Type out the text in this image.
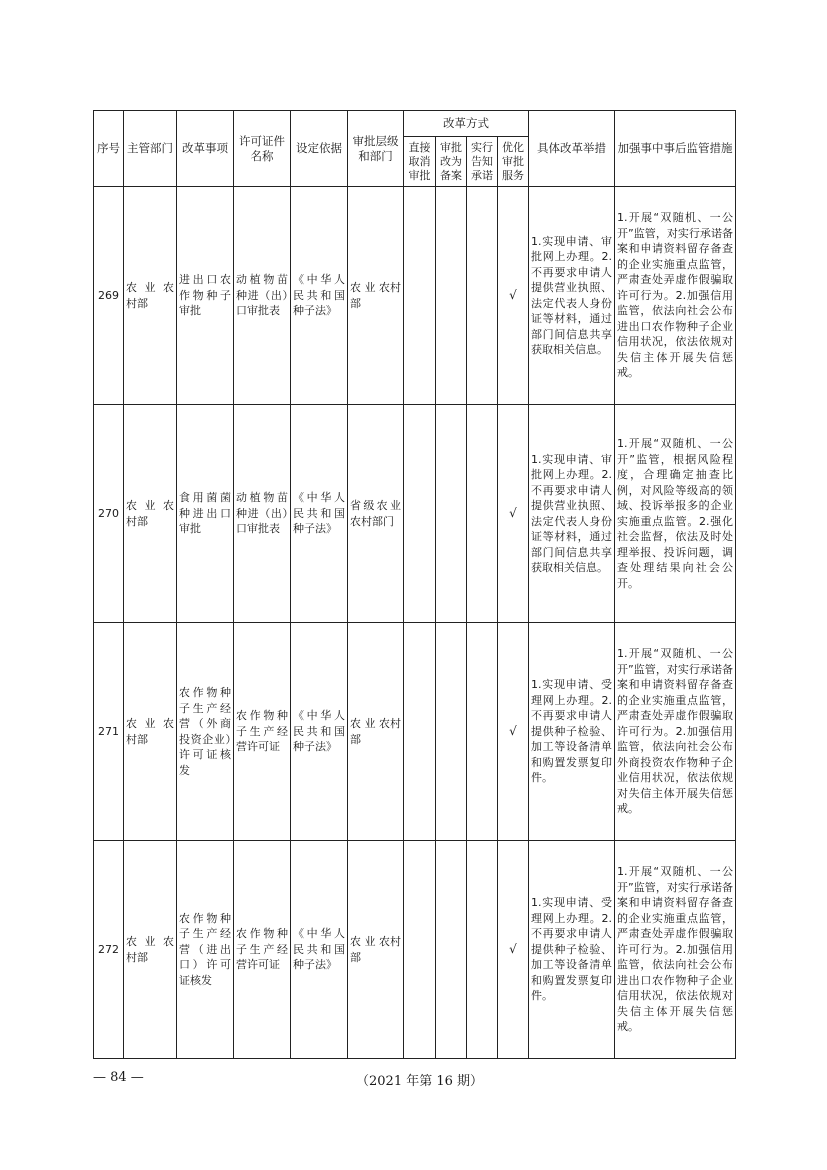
序号	主管部门	改革事项	许可证件名称	设定依据	审批层级和部门	改革方式				具体改革举措	加强事中事后监管措施
						直接取消审批	审批改为备案	实行告知承诺	优化审批服务		
269	农 业 农村部	进出口农作物种子审批	动植物苗种进（出）口审批表	《中华人民共和国种子法》	农 业 农村部				√	1.实现申请、审批网上办理。2.不再要求申请人提供营业执照、法定代表人身份证等材料，通过部门间信息共享获取相关信息。	1.开展“双随机、一公开”监管，对实行承诺备案和申请资料留存备查的企业实施重点监管，严肃查处弄虚作假骗取许可行为。2.加强信用监管，依法向社会公布进出口农作物种子企业信用状况，依法依规对失信主体开展失信惩戒。
270	农 业 农村部	食用菌菌种进出口审批	动植物苗种进（出）口审批表	《中华人民共和国种子法》	省级农业农村部门				√	1.实现申请、审批网上办理。2.不再要求申请人提供营业执照、法定代表人身份证等材料，通过部门间信息共享获取相关信息。	1.开展“双随机、一公开”监管，根据风险程度，合理确定抽查比例，对风险等级高的领域、投诉举报多的企业实施重点监管。2.强化社会监督，依法及时处理举报、投诉问题，调查处理结果向社会公开。
271	农 业 农村部	农作物种子生产经营（外商投资企业）许可证核发	农作物种子生产经营许可证	《中华人民共和国种子法》	农 业 农村部				√	1.实现申请、受理网上办理。2.不再要求申请人提供种子检验、加工等设备清单和购置发票复印件。	1.开展“双随机、一公开”监管，对实行承诺备案和申请资料留存备查的企业实施重点监管，严肃查处弄虚作假骗取许可行为。2.加强信用监管，依法向社会公布外商投资农作物种子企业信用状况，依法依规对失信主体开展失信惩戒。
272	农 业 农村部	农作物种子生产经营（进出口）许可证核发	农作物种子生产经营许可证	《中华人民共和国种子法》	农 业 农村部				√	1.实现申请、受理网上办理。2.不再要求申请人提供种子检验、加工等设备清单和购置发票复印件。	1.开展“双随机、一公开”监管，对实行承诺备案和申请资料留存备查的企业实施重点监管，严肃查处弄虚作假骗取许可行为。2.加强信用监管，依法向社会公布进出口农作物种子企业信用状况，依法依规对失信主体开展失信惩戒。
— 84 —	（2021 年第 16 期）
